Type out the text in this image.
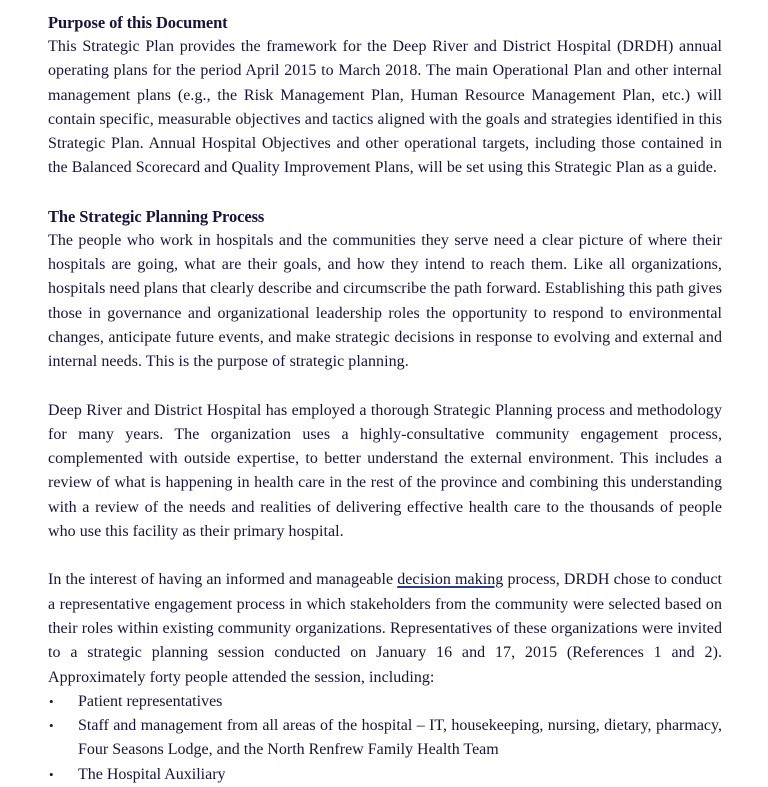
Purpose of this Document

This Strategic Plan provides the framework for the Deep River and District Hospital (DRDH) annual operating plans for the period April 2015 to March 2018. The main Operational Plan and other internal management plans (e.g., the Risk Management Plan, Human Resource Management Plan, etc.) will contain specific, measurable objectives and tactics aligned with the goals and strategies identified in this Strategic Plan. Annual Hospital Objectives and other operational targets, including those contained in the Balanced Scorecard and Quality Improvement Plans, will be set using this Strategic Plan as a guide.

The Strategic Planning Process

The people who work in hospitals and the communities they serve need a clear picture of where their hospitals are going, what are their goals, and how they intend to reach them. Like all organizations, hospitals need plans that clearly describe and circumscribe the path forward. Establishing this path gives those in governance and organizational leadership roles the opportunity to respond to environmental changes, anticipate future events, and make strategic decisions in response to evolving and external and internal needs. This is the purpose of strategic planning.

Deep River and District Hospital has employed a thorough Strategic Planning process and methodology for many years. The organization uses a highly-consultative community engagement process, complemented with outside expertise, to better understand the external environment. This includes a review of what is happening in health care in the rest of the province and combining this understanding with a review of the needs and realities of delivering effective health care to the thousands of people who use this facility as their primary hospital.

In the interest of having an informed and manageable decision making process, DRDH chose to conduct a representative engagement process in which stakeholders from the community were selected based on their roles within existing community organizations. Representatives of these organizations were invited to a strategic planning session conducted on January 16 and 17, 2015 (References 1 and 2). Approximately forty people attended the session, including:

• Patient representatives
• Staff and management from all areas of the hospital – IT, housekeeping, nursing, dietary, pharmacy, Four Seasons Lodge, and the North Renfrew Family Health Team
• The Hospital Auxiliary
